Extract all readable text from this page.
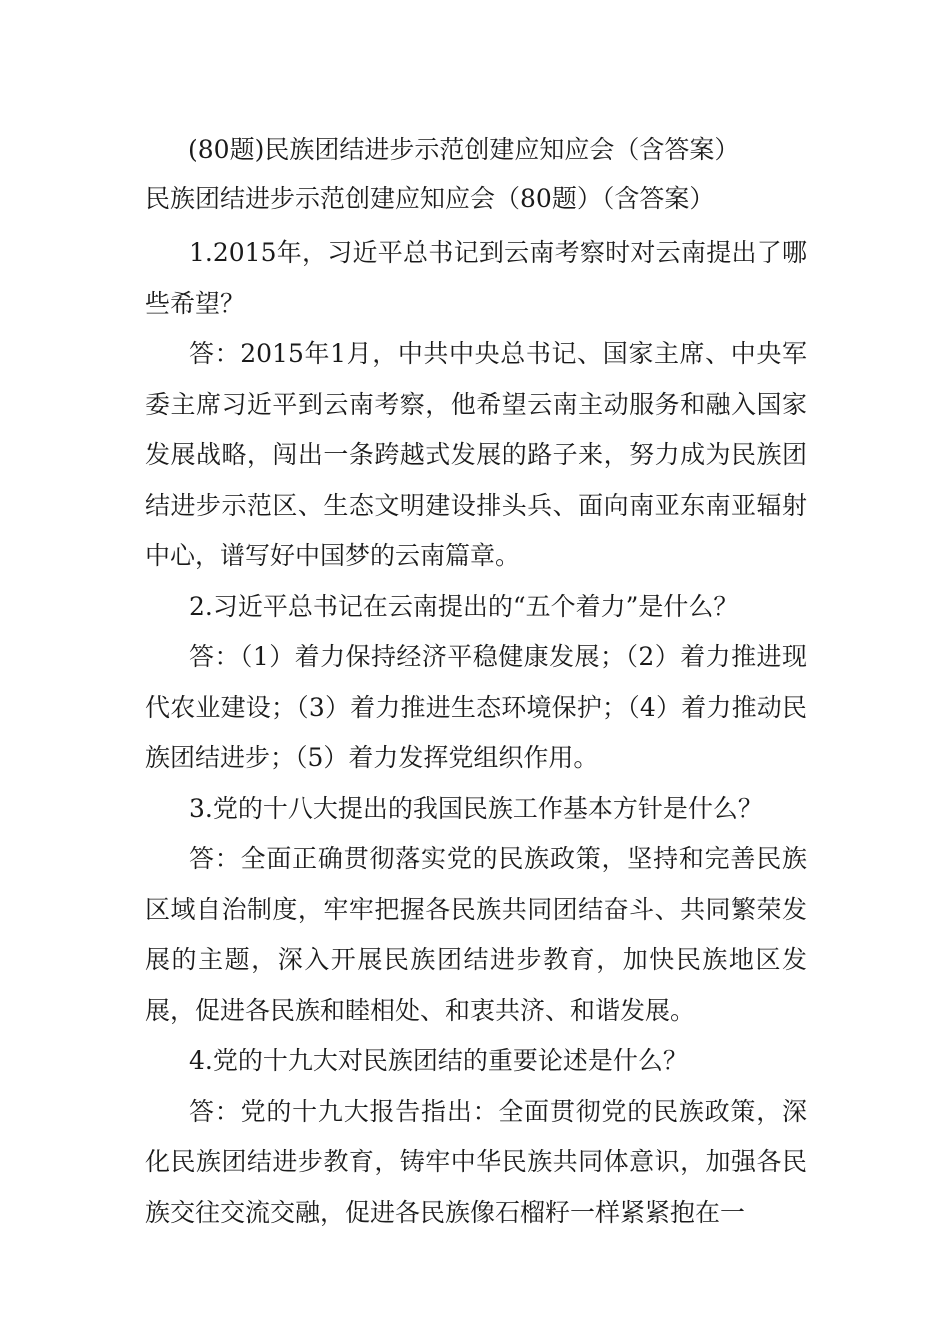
(80题)民族团结进步示范创建应知应会（含答案）
民族团结进步示范创建应知应会（80题）（含答案）

1.2015年，习近平总书记到云南考察时对云南提出了哪些希望？

答：2015年1月，中共中央总书记、国家主席、中央军委主席习近平到云南考察，他希望云南主动服务和融入国家发展战略，闯出一条跨越式发展的路子来，努力成为民族团结进步示范区、生态文明建设排头兵、面向南亚东南亚辐射中心，谱写好中国梦的云南篇章。

2.习近平总书记在云南提出的“五个着力”是什么？

答：（1）着力保持经济平稳健康发展；（2）着力推进现代农业建设；（3）着力推进生态环境保护；（4）着力推动民族团结进步；（5）着力发挥党组织作用。

3.党的十八大提出的我国民族工作基本方针是什么？

答：全面正确贯彻落实党的民族政策，坚持和完善民族区域自治制度，牢牢把握各民族共同团结奋斗、共同繁荣发展的主题，深入开展民族团结进步教育，加快民族地区发展，促进各民族和睦相处、和衷共济、和谐发展。

4.党的十九大对民族团结的重要论述是什么？

答：党的十九大报告指出：全面贯彻党的民族政策，深化民族团结进步教育，铸牢中华民族共同体意识，加强各民族交往交流交融，促进各民族像石榴籽一样紧紧抱在一
